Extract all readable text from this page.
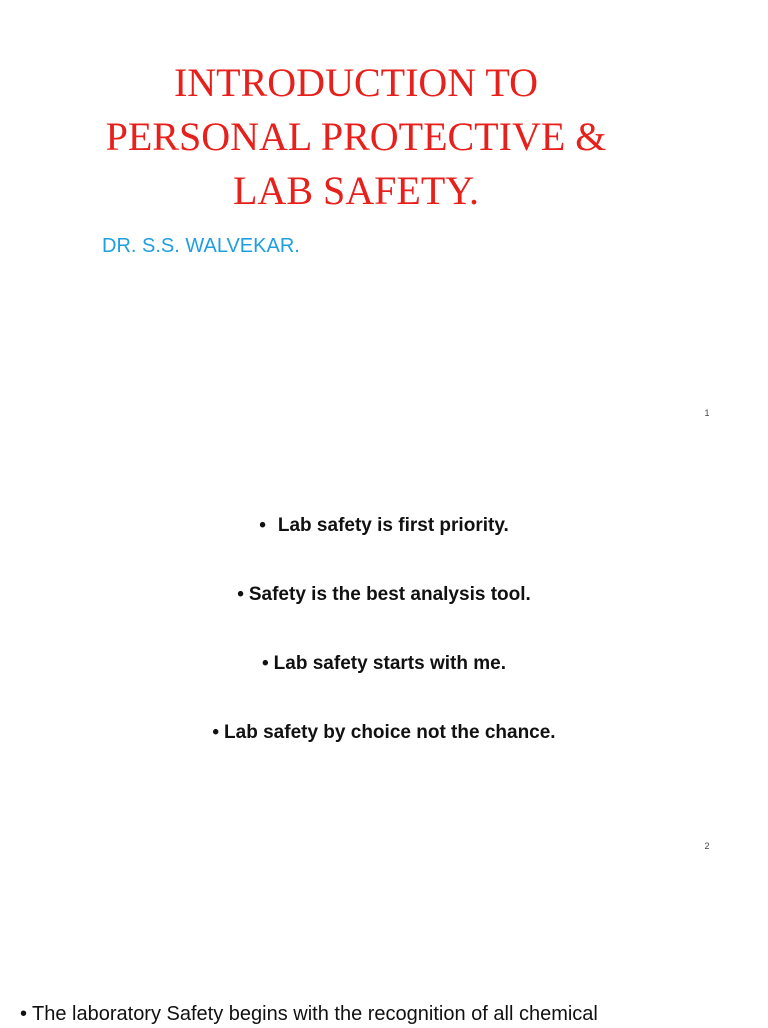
INTRODUCTION TO
PERSONAL PROTECTIVE &
LAB SAFETY.
DR. S.S. WALVEKAR.
1
• Lab safety is first priority.
• Safety is the best analysis tool.
• Lab safety starts with me.
• Lab safety by choice not the chance.
2
• The laboratory Safety begins with the recognition of all chemical
